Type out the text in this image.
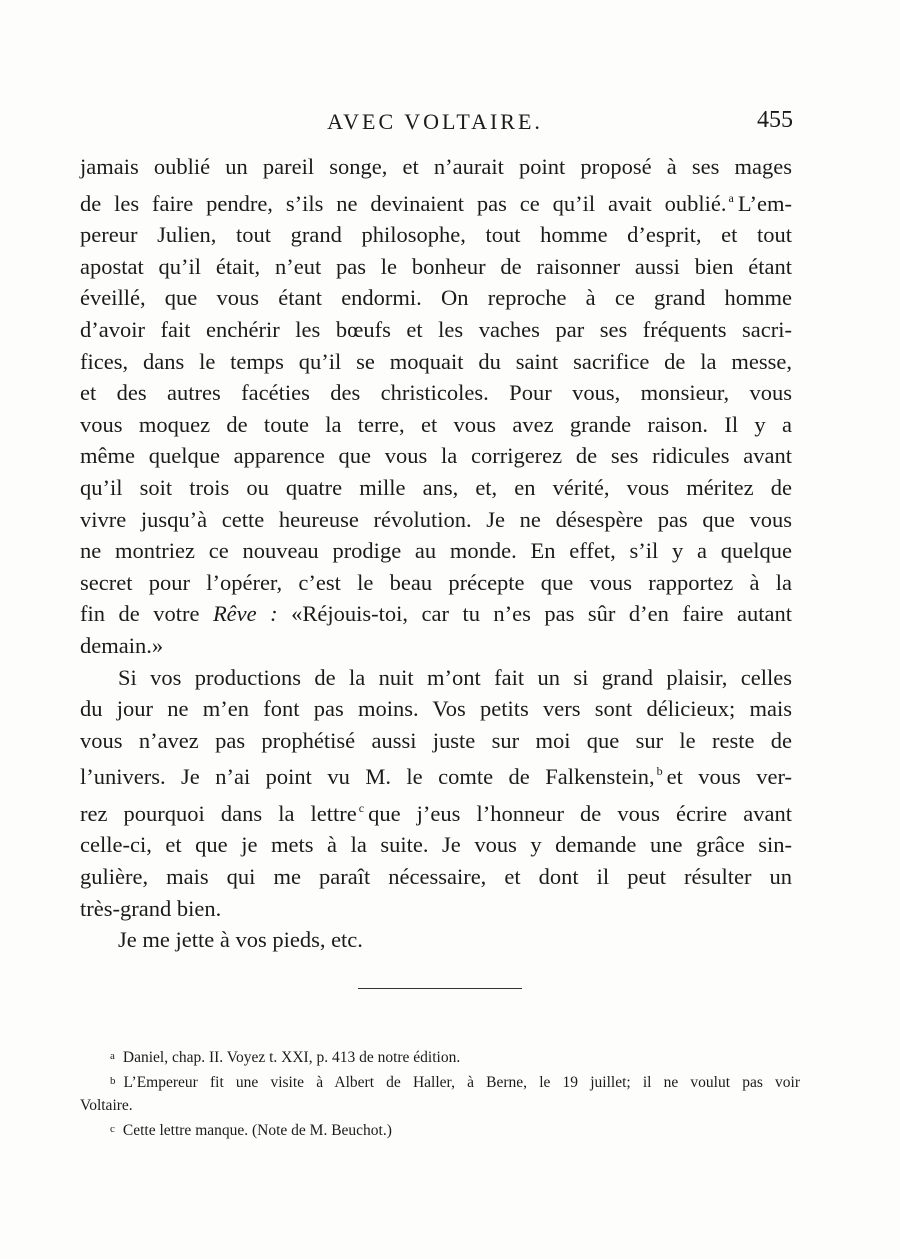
AVEC VOLTAIRE.	455
jamais oublié un pareil songe, et n’aurait point proposé à ses mages
de les faire pendre, s’ils ne devinaient pas ce qu’il avait oublié. $^a$ L’em-
pereur Julien, tout grand philosophe, tout homme d’esprit, et tout
apostat qu’il était, n’eut pas le bonheur de raisonner aussi bien étant
éveillé, que vous étant endormi. On reproche à ce grand homme
d’avoir fait enchérir les bœufs et les vaches par ses fréquents sacri-
fices, dans le temps qu’il se moquait du saint sacrifice de la messe,
et des autres facéties des christicoles. Pour vous, monsieur, vous
vous moquez de toute la terre, et vous avez grande raison. Il y a
même quelque apparence que vous la corrigerez de ses ridicules avant
qu’il soit trois ou quatre mille ans, et, en vérité, vous méritez de
vivre jusqu’à cette heureuse révolution. Je ne désespère pas que vous
ne montriez ce nouveau prodige au monde. En effet, s’il y a quelque
secret pour l’opérer, c’est le beau précepte que vous rapportez à la
fin de votre Rêve : «Réjouis-toi, car tu n’es pas sûr d’en faire autant
demain.»
Si vos productions de la nuit m’ont fait un si grand plaisir, celles
du jour ne m’en font pas moins. Vos petits vers sont délicieux; mais
vous n’avez pas prophétisé aussi juste sur moi que sur le reste de
l’univers. Je n’ai point vu M. le comte de Falkenstein, $^b$ et vous ver-
rez pourquoi dans la lettre $^c$ que j’eus l’honneur de vous écrire avant
celle-ci, et que je mets à la suite. Je vous y demande une grâce sin-
gulière, mais qui me paraît nécessaire, et dont il peut résulter un
très-grand bien.
Je me jette à vos pieds, etc.
a Daniel, chap. II. Voyez t. XXI, p. 413 de notre édition.
b L’Empereur fit une visite à Albert de Haller, à Berne, le 19 juillet; il ne voulut pas voir
Voltaire.
c Cette lettre manque. (Note de M. Beuchot.)
